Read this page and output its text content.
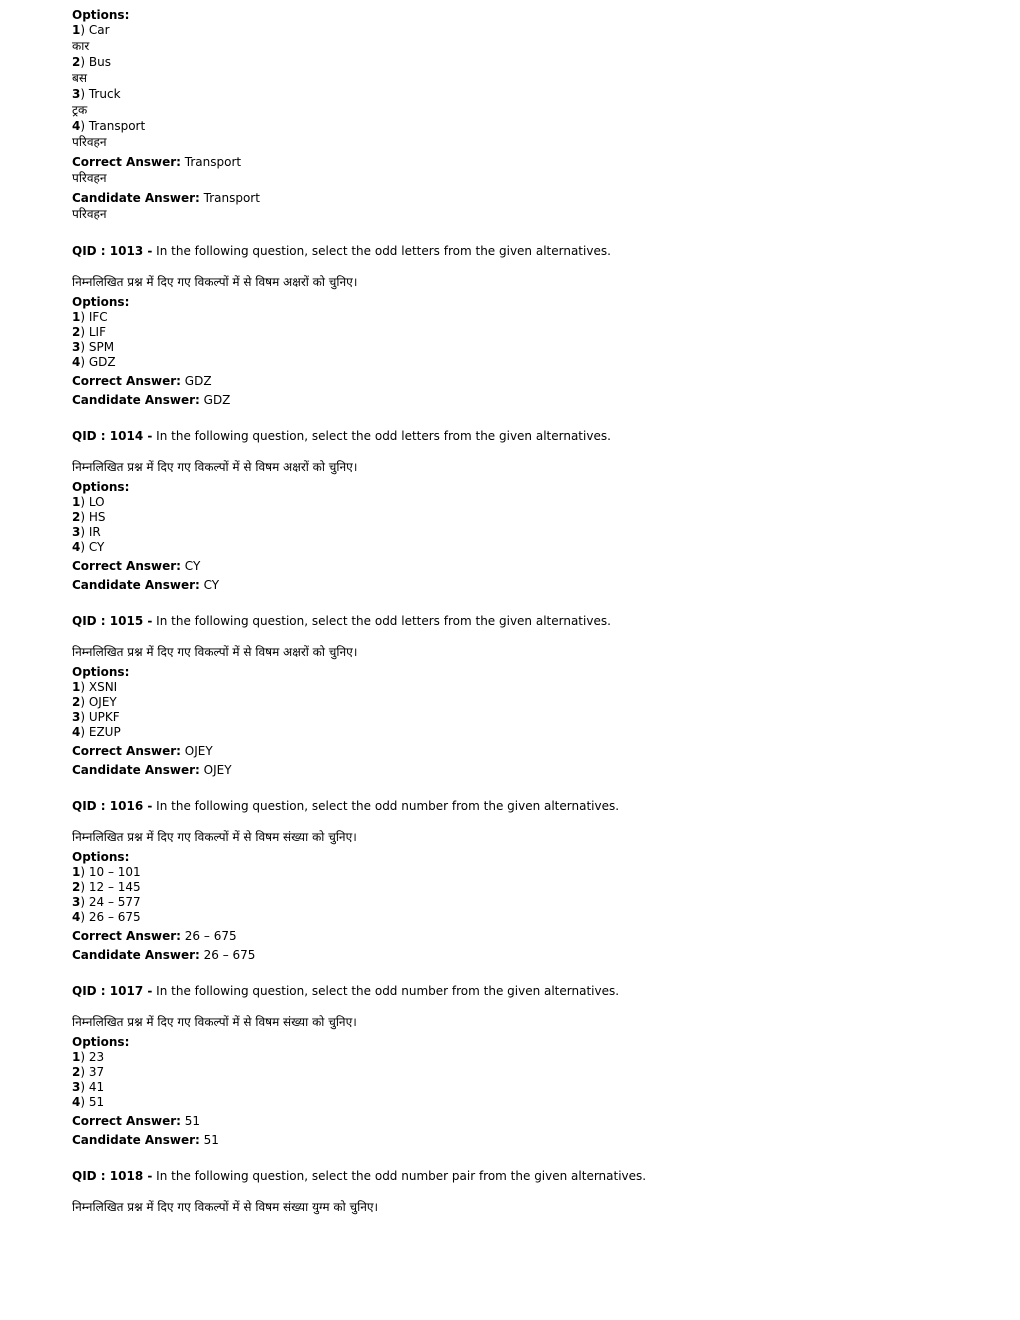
Options:
1) Car
कार
2) Bus
बस
3) Truck
ट्रक
4) Transport
परिवहन
Correct Answer: Transport
परिवहन
Candidate Answer: Transport
परिवहन
QID : 1013 - In the following question, select the odd letters from the given alternatives.
निम्नलिखित प्रश्न में दिए गए विकल्पों में से विषम अक्षरों को चुनिए।
Options:
1) IFC
2) LIF
3) SPM
4) GDZ
Correct Answer: GDZ
Candidate Answer: GDZ
QID : 1014 - In the following question, select the odd letters from the given alternatives.
निम्नलिखित प्रश्न में दिए गए विकल्पों में से विषम अक्षरों को चुनिए।
Options:
1) LO
2) HS
3) IR
4) CY
Correct Answer: CY
Candidate Answer: CY
QID : 1015 - In the following question, select the odd letters from the given alternatives.
निम्नलिखित प्रश्न में दिए गए विकल्पों में से विषम अक्षरों को चुनिए।
Options:
1) XSNI
2) OJEY
3) UPKF
4) EZUP
Correct Answer: OJEY
Candidate Answer: OJEY
QID : 1016 - In the following question, select the odd number from the given alternatives.
निम्नलिखित प्रश्न में दिए गए विकल्पों में से विषम संख्या को चुनिए।
Options:
1) 10 – 101
2) 12 – 145
3) 24 – 577
4) 26 – 675
Correct Answer: 26 – 675
Candidate Answer: 26 – 675
QID : 1017 - In the following question, select the odd number from the given alternatives.
निम्नलिखित प्रश्न में दिए गए विकल्पों में से विषम संख्या को चुनिए।
Options:
1) 23
2) 37
3) 41
4) 51
Correct Answer: 51
Candidate Answer: 51
QID : 1018 - In the following question, select the odd number pair from the given alternatives.
निम्नलिखित प्रश्न में दिए गए विकल्पों में से विषम संख्या युग्म को चुनिए।
